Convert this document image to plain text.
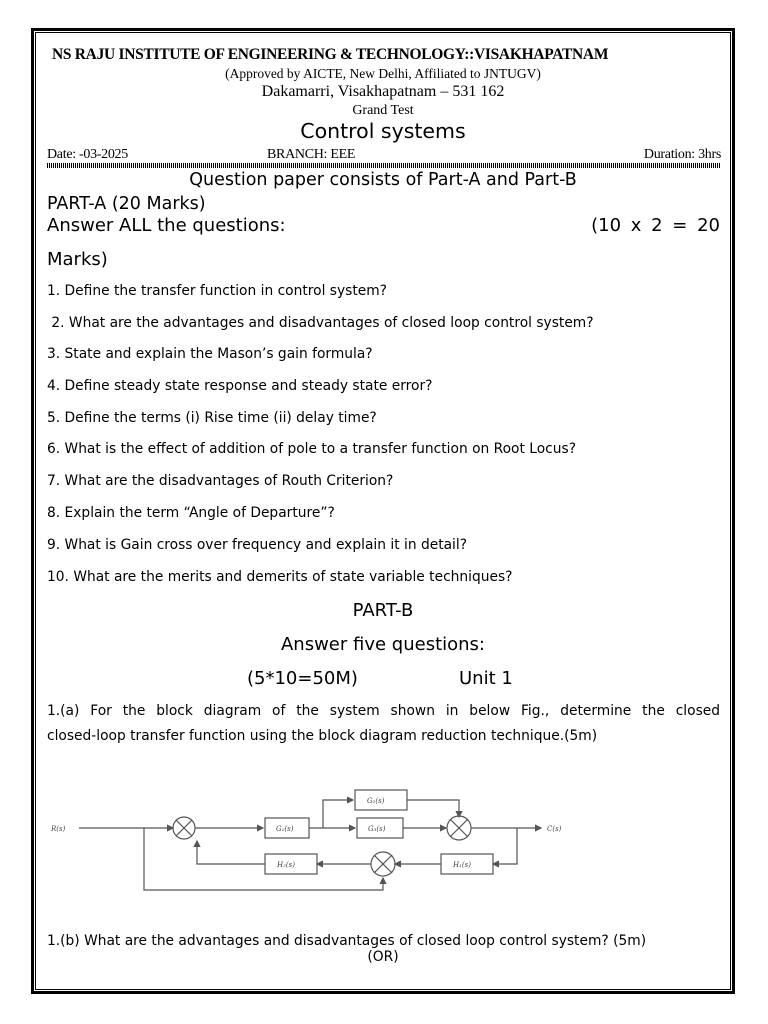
NS RAJU INSTITUTE OF ENGINEERING & TECHNOLOGY::VISAKHAPATNAM
(Approved by AICTE, New Delhi, Affiliated to JNTUGV)
Dakamarri, Visakhapatnam – 531 162
Grand Test
Control systems
Date: -03-2025	BRANCH: EEE	Duration: 3hrs
Question paper consists of Part-A and Part-B
PART-A (20 Marks)
Answer ALL the questions:	(10 x 2 = 20
Marks)
1. Define the transfer function in control system?
2. What are the advantages and disadvantages of closed loop control system?
3. State and explain the Mason’s gain formula?
4. Define steady state response and steady state error?
5. Define the terms (i) Rise time (ii) delay time?
6. What is the effect of addition of pole to a transfer function on Root Locus?
7. What are the disadvantages of Routh Criterion?
8. Explain the term “Angle of Departure”?
9. What is Gain cross over frequency and explain it in detail?
10. What are the merits and demerits of state variable techniques?
PART-B
Answer five questions:
(5*10=50M)	Unit 1
1.(a) For the block diagram of the system shown in below Fig., determine the closed
closed-loop transfer function using the block diagram reduction technique.(5m)
R(s)	C(s)
G₁(s)
G₂(s)
G₃(s)
H₁(s)
H₂(s)
1.(b) What are the advantages and disadvantages of closed loop control system? (5m)
(OR)
